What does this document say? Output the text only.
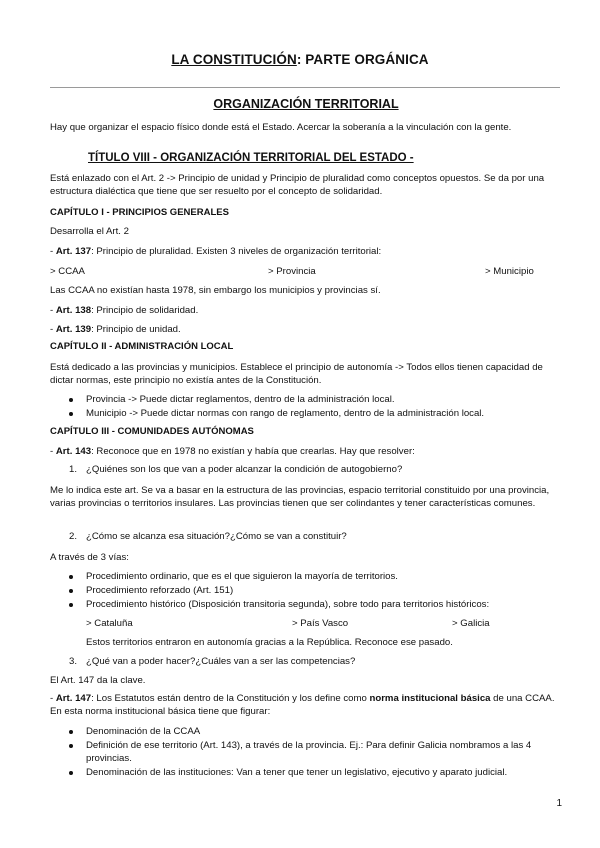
LA CONSTITUCIÓN: PARTE ORGÁNICA

ORGANIZACIÓN TERRITORIAL

Hay que organizar el espacio físico donde está el Estado. Acercar la soberanía a la vinculación con la gente.

TÍTULO VIII - ORGANIZACIÓN TERRITORIAL DEL ESTADO -

Está enlazado con el Art. 2 -> Principio de unidad y Principio de pluralidad como conceptos opuestos. Se da por una estructura dialéctica que tiene que ser resuelto por el concepto de solidaridad.

CAPÍTULO I - PRINCIPIOS GENERALES

Desarrolla el Art. 2

- Art. 137: Principio de pluralidad. Existen 3 niveles de organización territorial:

> CCAA	> Provincia	> Municipio

Las CCAA no existían hasta 1978, sin embargo los municipios y provincias sí.

- Art. 138: Principio de solidaridad.

- Art. 139: Principio de unidad.

CAPÍTULO II - ADMINISTRACIÓN LOCAL

Está dedicado a las provincias y municipios. Establece el principio de autonomía -> Todos ellos tienen capacidad de dictar normas, este principio no existía antes de la Constitución.

Provincia -> Puede dictar reglamentos, dentro de la administración local.

Municipio -> Puede dictar normas con rango de reglamento, dentro de la administración local.

CAPÍTULO III - COMUNIDADES AUTÓNOMAS

- Art. 143: Reconoce que en 1978 no existían y había que crearlas. Hay que resolver:

1. ¿Quiénes son los que van a poder alcanzar la condición de autogobierno?

Me lo indica este art. Se va a basar en la estructura de las provincias, espacio territorial constituido por una provincia, varias provincias o territorios insulares. Las provincias tienen que ser colindantes y tener características comunes.

2. ¿Cómo se alcanza esa situación?¿Cómo se van a constituir?

A través de 3 vías:

Procedimiento ordinario, que es el que siguieron la mayoría de territorios.

Procedimiento reforzado (Art. 151)

Procedimiento histórico (Disposición transitoria segunda), sobre todo para territorios históricos:

> Cataluña	> País Vasco	> Galicia

Estos territorios entraron en autonomía gracias a la República. Reconoce ese pasado.

3. ¿Qué van a poder hacer?¿Cuáles van a ser las competencias?

El Art. 147 da la clave.

- Art. 147: Los Estatutos están dentro de la Constitución y los define como norma institucional básica de una CCAA. En esta norma institucional básica tiene que figurar:

Denominación de la CCAA

Definición de ese territorio (Art. 143), a través de la provincia. Ej.: Para definir Galicia nombramos a las 4 provincias.

Denominación de las instituciones: Van a tener que tener un legislativo, ejecutivo y aparato judicial.

1
